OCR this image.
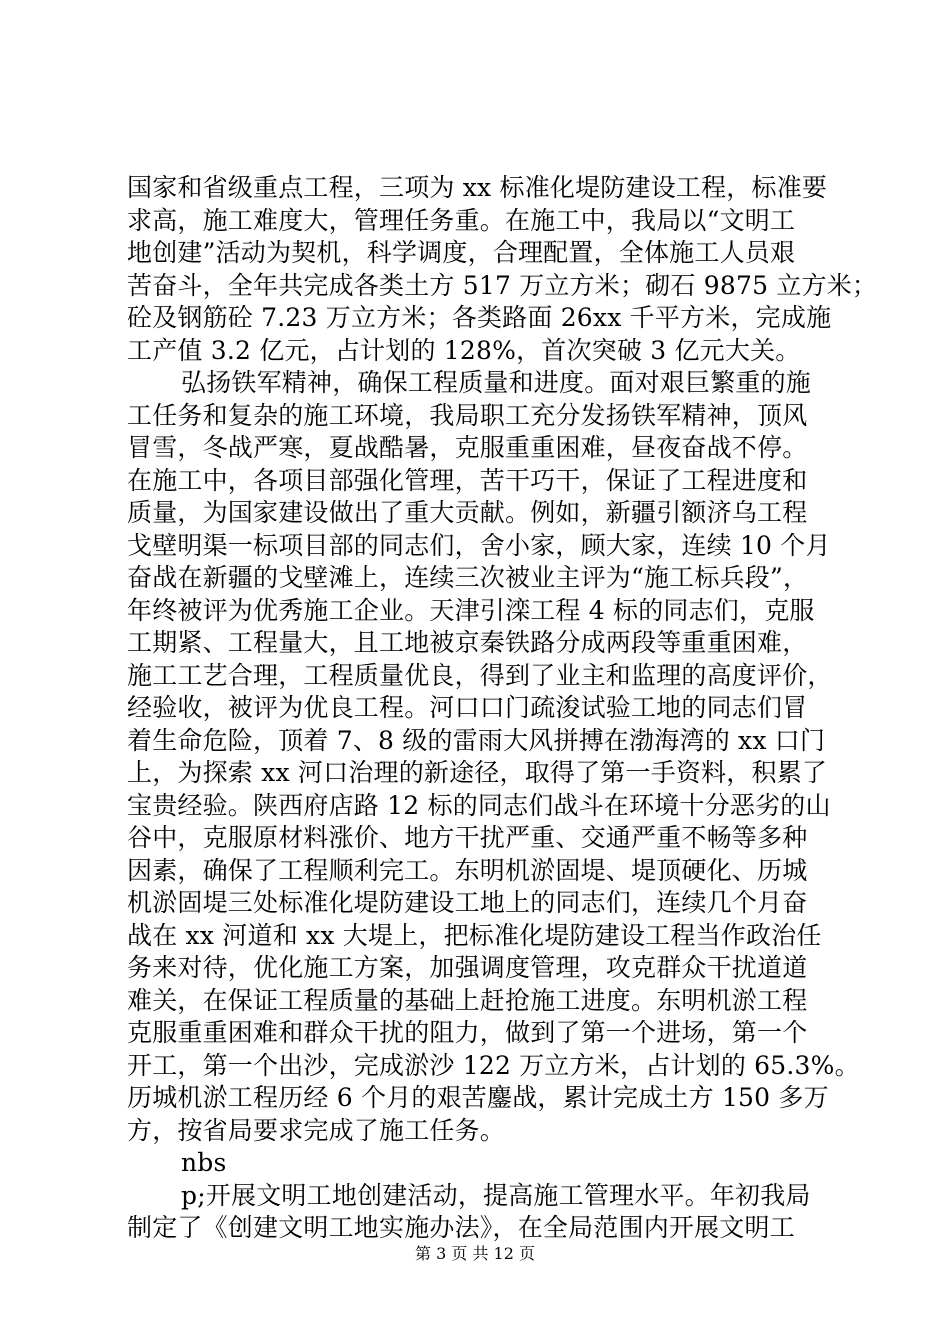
国家和省级重点工程，三项为 xx 标准化堤防建设工程，标准要
求高，施工难度大，管理任务重。在施工中，我局以“文明工
地创建”活动为契机，科学调度，合理配置，全体施工人员艰
苦奋斗，全年共完成各类土方 517 万立方米；砌石 9875 立方米；
砼及钢筋砼 7.23 万立方米；各类路面 26xx 千平方米，完成施
工产值 3.2 亿元，占计划的 128%，首次突破 3 亿元大关。
弘扬铁军精神，确保工程质量和进度。面对艰巨繁重的施
工任务和复杂的施工环境，我局职工充分发扬铁军精神，顶风
冒雪，冬战严寒，夏战酷暑，克服重重困难，昼夜奋战不停。
在施工中，各项目部强化管理，苦干巧干，保证了工程进度和
质量，为国家建设做出了重大贡献。例如，新疆引额济乌工程
戈壁明渠一标项目部的同志们，舍小家，顾大家，连续 10 个月
奋战在新疆的戈壁滩上，连续三次被业主评为“施工标兵段”，
年终被评为优秀施工企业。天津引滦工程 4 标的同志们，克服
工期紧、工程量大，且工地被京秦铁路分成两段等重重困难，
施工工艺合理，工程质量优良，得到了业主和监理的高度评价，
经验收，被评为优良工程。河口口门疏浚试验工地的同志们冒
着生命危险，顶着 7、8 级的雷雨大风拼搏在渤海湾的 xx 口门
上，为探索 xx 河口治理的新途径，取得了第一手资料，积累了
宝贵经验。陕西府店路 12 标的同志们战斗在环境十分恶劣的山
谷中，克服原材料涨价、地方干扰严重、交通严重不畅等多种
因素，确保了工程顺利完工。东明机淤固堤、堤顶硬化、历城
机淤固堤三处标准化堤防建设工地上的同志们，连续几个月奋
战在 xx 河道和 xx 大堤上，把标准化堤防建设工程当作政治任
务来对待，优化施工方案，加强调度管理，攻克群众干扰道道
难关，在保证工程质量的基础上赶抢施工进度。东明机淤工程
克服重重困难和群众干扰的阻力，做到了第一个进场，第一个
开工，第一个出沙，完成淤沙 122 万立方米，占计划的 65.3%。
历城机淤工程历经 6 个月的艰苦鏖战，累计完成土方 150 多万
方，按省局要求完成了施工任务。
nbs
p;开展文明工地创建活动，提高施工管理水平。年初我局
制定了《创建文明工地实施办法》，在全局范围内开展文明工
第 3 页 共 12 页
